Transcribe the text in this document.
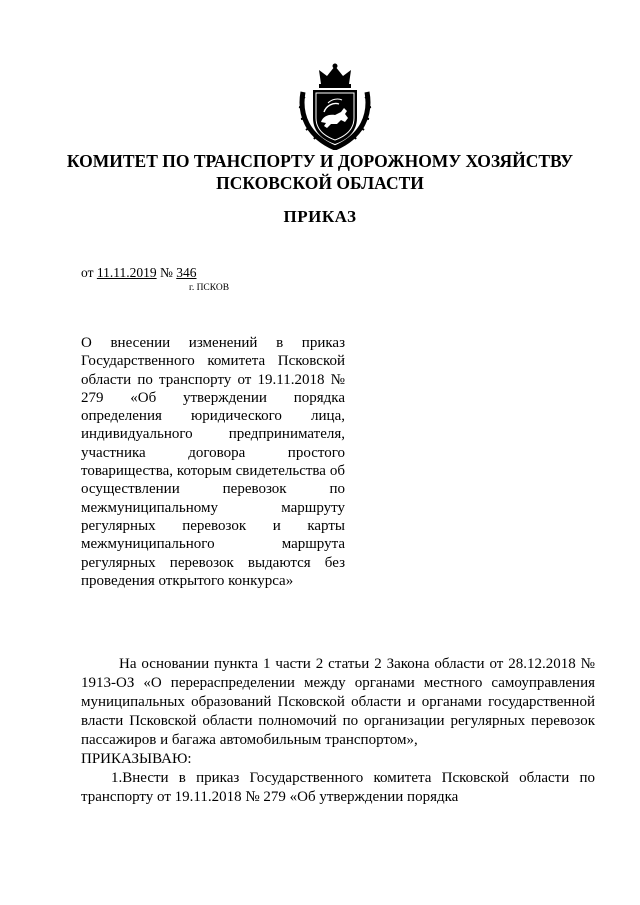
КОМИТЕТ ПО ТРАНСПОРТУ И ДОРОЖНОМУ ХОЗЯЙСТВУ
ПСКОВСКОЙ ОБЛАСТИ
ПРИКАЗ
от 11.11.2019 № 346
г. ПСКОВ
О внесении изменений в приказ Государственного комитета Псковской области по транспорту от 19.11.2018 № 279 «Об утверждении порядка определения юридического лица, индивидуального предпринимателя, участника договора простого товарищества, которым свидетельства об осуществлении перевозок по межмуниципальному маршруту регулярных перевозок и карты межмуниципального маршрута регулярных перевозок выдаются без проведения открытого конкурса»

На основании пункта 1 части 2 статьи 2 Закона области от 28.12.2018 № 1913-ОЗ «О перераспределении между органами местного самоуправления муниципальных образований Псковской области и органами государственной власти Псковской области полномочий по организации регулярных перевозок пассажиров и багажа автомобильным транспортом»,

ПРИКАЗЫВАЮ:

1.Внести в приказ Государственного комитета Псковской области по транспорту от 19.11.2018 № 279 «Об утверждении порядка
